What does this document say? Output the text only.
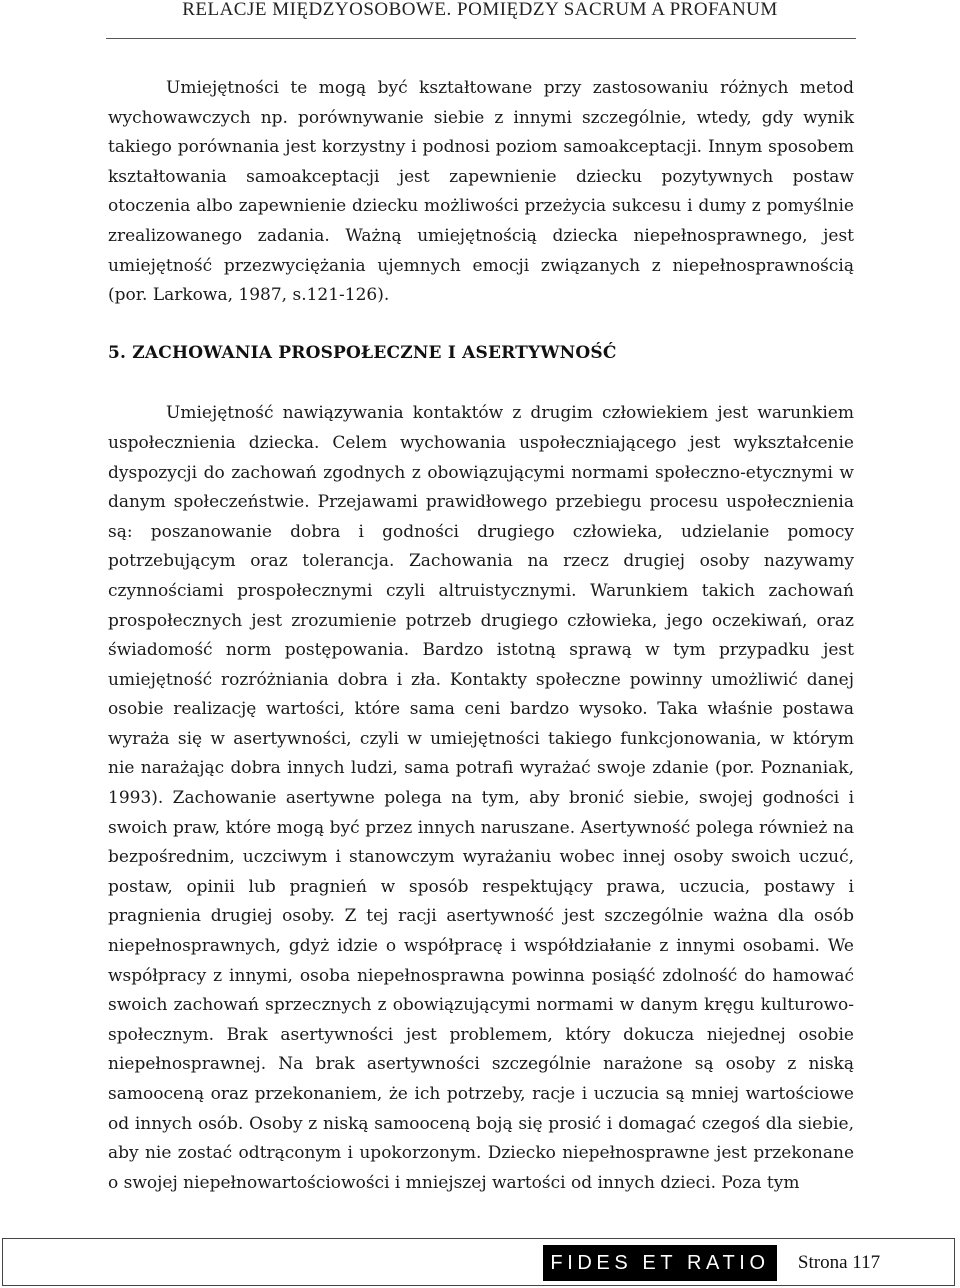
RELACJE MIĘDZYOSOBOWE. POMIĘDZY SACRUM A PROFANUM

Umiejętności te mogą być kształtowane przy zastosowaniu różnych metod wychowawczych np. porównywanie siebie z innymi szczególnie, wtedy, gdy wynik takiego porównania jest korzystny i podnosi poziom samoakceptacji. Innym sposobem kształtowania samoakceptacji jest zapewnienie dziecku pozytywnych postaw otoczenia albo zapewnienie dziecku możliwości przeżycia sukcesu i dumy z pomyślnie zrealizowanego zadania. Ważną umiejętnością dziecka niepełnosprawnego, jest umiejętność przezwyciężania ujemnych emocji związanych z niepełnosprawnością (por. Larkowa, 1987, s.121-126).

5. ZACHOWANIA PROSPOŁECZNE I ASERTYWNOŚĆ

Umiejętność nawiązywania kontaktów z drugim człowiekiem jest warunkiem uspołecznienia dziecka. Celem wychowania uspołeczniającego jest wykształcenie dyspozycji do zachowań zgodnych z obowiązującymi normami społeczno-etycznymi w danym społeczeństwie. Przejawami prawidłowego przebiegu procesu uspołecznienia są: poszanowanie dobra i godności drugiego człowieka, udzielanie pomocy potrzebującym oraz tolerancja. Zachowania na rzecz drugiej osoby nazywamy czynnościami prospołecznymi czyli altruistycznymi. Warunkiem takich zachowań prospołecznych jest zrozumienie potrzeb drugiego człowieka, jego oczekiwań, oraz świadomość norm postępowania. Bardzo istotną sprawą w tym przypadku jest umiejętność rozróżniania dobra i zła. Kontakty społeczne powinny umożliwić danej osobie realizację wartości, które sama ceni bardzo wysoko. Taka właśnie postawa wyraża się w asertywności, czyli w umiejętności takiego funkcjonowania, w którym nie narażając dobra innych ludzi, sama potrafi wyrażać swoje zdanie (por. Poznaniak, 1993). Zachowanie asertywne polega na tym, aby bronić siebie, swojej godności i swoich praw, które mogą być przez innych naruszane. Asertywność polega również na bezpośrednim, uczciwym i stanowczym wyrażaniu wobec innej osoby swoich uczuć, postaw, opinii lub pragnień w sposób respektujący prawa, uczucia, postawy i pragnienia drugiej osoby. Z tej racji asertywność jest szczególnie ważna dla osób niepełnosprawnych, gdyż idzie o współpracę i współdziałanie z innymi osobami. We współpracy z innymi, osoba niepełnosprawna powinna posiąść zdolność do hamować swoich zachowań sprzecznych z obowiązującymi normami w danym kręgu kulturowo-społecznym. Brak asertywności jest problemem, który dokucza niejednej osobie niepełnosprawnej. Na brak asertywności szczególnie narażone są osoby z niską samooceną oraz przekonaniem, że ich potrzeby, racje i uczucia są mniej wartościowe od innych osób. Osoby z niską samooceną boją się prosić i domagać czegoś dla siebie, aby nie zostać odtrąconym i upokorzonym. Dziecko niepełnosprawne jest przekonane o swojej niepełnowartościowości i mniejszej wartości od innych dzieci. Poza tym

FIDES ET RATIO	Strona 117
